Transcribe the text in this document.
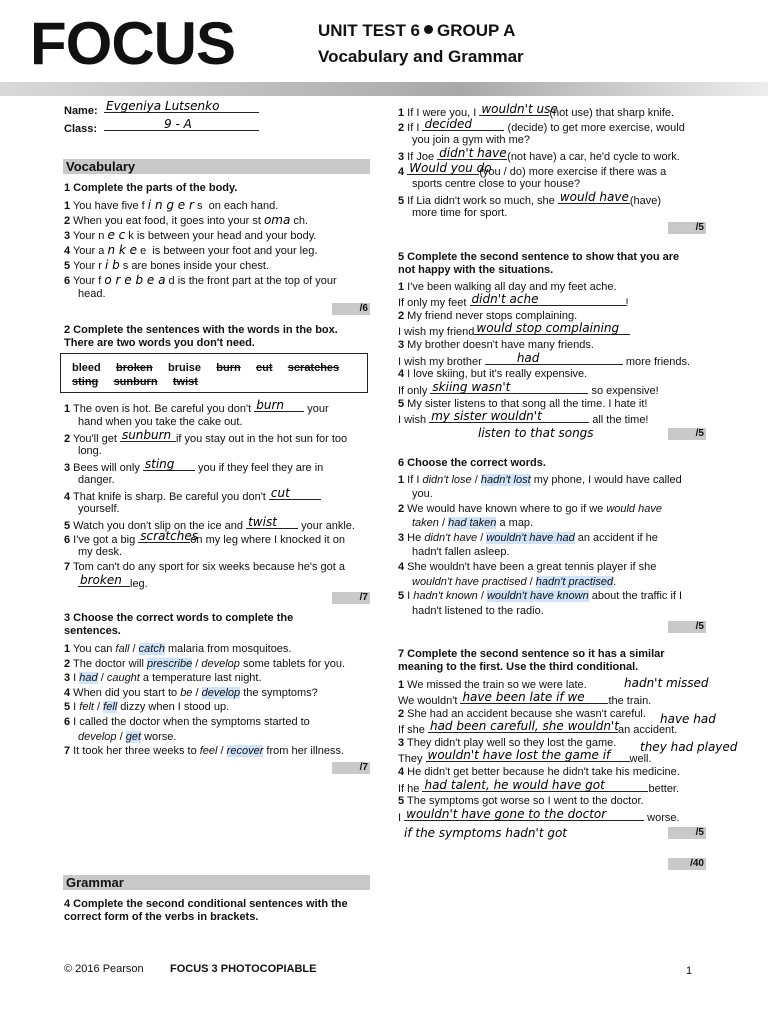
FOCUS	UNIT TEST 6 GROUP A
Vocabulary and Grammar
Name: Evgeniya Lutsenko
Class:	9 - A
Vocabulary
1 Complete the parts of the body.
1 You have five f i n g e r s  on each hand.
2 When you eat food, it goes into your st oma ch.
3 Your n e c k is between your head and your body.
4 Your a n k e e  is between your foot and your leg.
5 Your r i b s are bones inside your chest.
6 Your f o r e b e a d is the front part at the top of your
head.
/6
2 Complete the sentences with the words in the box.
There are two words you don't need.
bleed broken bruise burn cut scratches
sting sunburn twist
1 The oven is hot. Be careful you don't burn your
hand when you take the cake out.
2 You'll get sunburn if you stay out in the hot sun for too
long.
3 Bees will only sting you if they feel they are in
danger.
4 That knife is sharp. Be careful you don't cut
yourself.
5 Watch you don't slip on the ice and twist your ankle.
6 I've got a big scratches
on my leg where I knocked it on
my desk.
7 Tom can't do any sport for six weeks because he's got a
broken leg.
/7
3 Choose the correct words to complete the
sentences.
1 You can fall / catch malaria from mosquitoes.
2 The doctor will prescribe / develop some tablets for you.
3 I had / caught a temperature last night.
4 When did you start to be / develop the symptoms?
5 I felt / fell dizzy when I stood up.
6 I called the doctor when the symptoms started to
develop / get worse.
7 It took her three weeks to feel / recover from her illness.
/7
Grammar
4 Complete the second conditional sentences with the
correct form of the verbs in brackets.
1 If I were you, I wouldn't use
(not use) that sharp knife.
2 If I decided	(decide) to get more exercise, would
you join a gym with me?
3 If Joe didn't have (not have) a car, he'd cycle to work.
4 Would you do
(you / do) more exercise if there was a
sports centre close to your house?
5 If Lia didn't work so much, she would have (have)
more time for sport.
/5
5 Complete the second sentence to show that you are
not happy with the situations.
1 I've been walking all day and my feet ache.
If only my feet didn't ache	!
2 My friend never stops complaining.
I wish my friend would stop complaining
3 My brother doesn't have many friends.
I wish my brother	had	more friends.
4 I love skiing, but it's really expensive.
If only skiing wasn't	so expensive!
5 My sister listens to that song all the time. I hate it!
I wish my sister wouldn't	all the time!
listen to that songs	/5
6 Choose the correct words.
1 If I didn't lose / hadn't lost my phone, I would have called
you.
2 We would have known where to go if we would have
taken / had taken a map.
3 He didn't have / wouldn't have had an accident if he
hadn't fallen asleep.
4 She wouldn't have been a great tennis player if she
wouldn't have practised / hadn't practised.
5 I hadn't known / wouldn't have known about the traffic if I
hadn't listened to the radio.
/5
7 Complete the second sentence so it has a similar
meaning to the first. Use the third conditional.
1 We missed the train so we were late.	hadn't missed
We wouldn't have been late if we the train.
2 She had an accident because she wasn't careful.
If she had been carefull, she wouldn't an accident.
have had
3 They didn't play well so they lost the game. they had played
They wouldn't have lost the game if well.
4 He didn't get better because he didn't take his medicine.
If he had talent, he would have got	better.
5 The symptoms got worse so I went to the doctor.
I wouldn't have gone to the doctor	worse.
if the symptoms hadn't got	/5
/40
© 2016 Pearson FOCUS 3 PHOTOCOPIABLE	1
